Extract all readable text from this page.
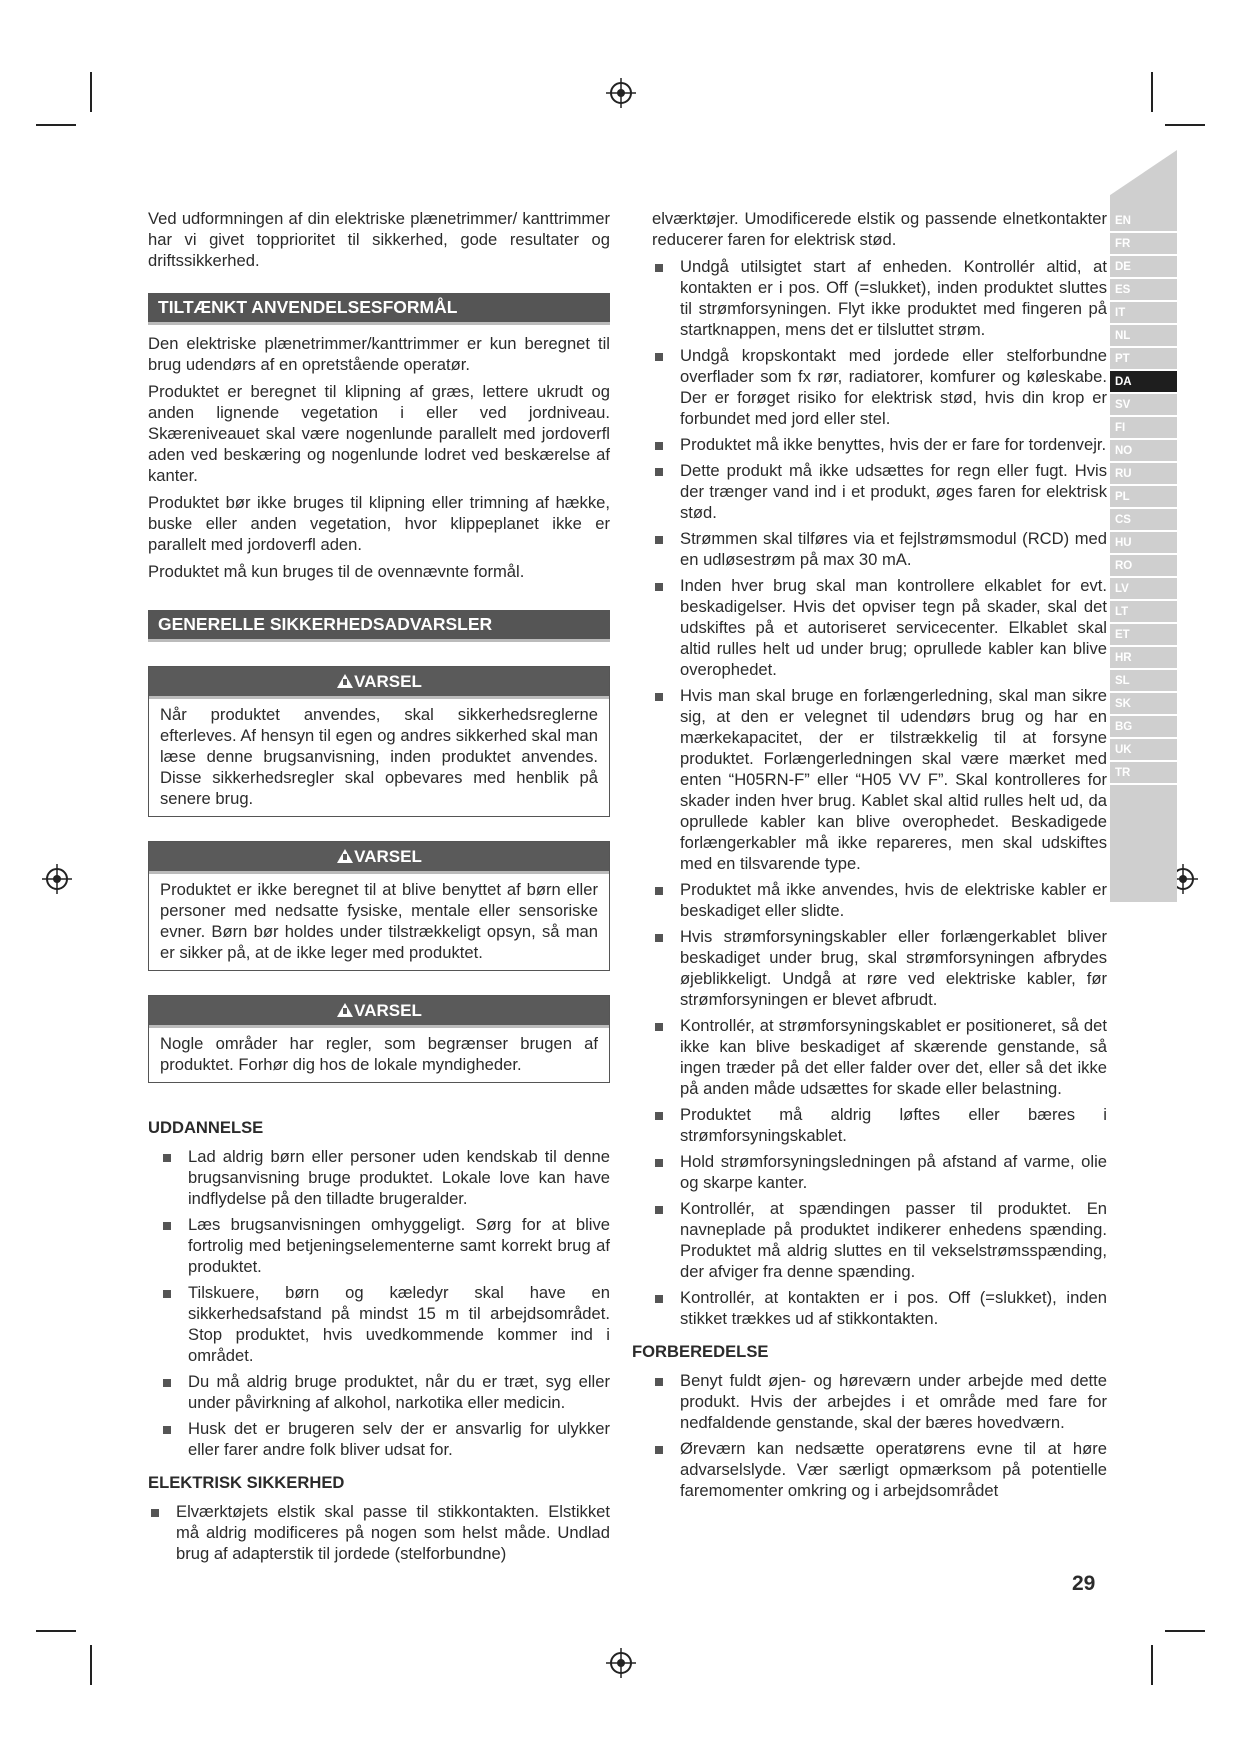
EN
FR
DE
ES
IT
NL
PT
DA
SV
FI
NO
RU
PL
CS
HU
RO
LV
LT
ET
HR
SL
SK
BG
UK
TR

Ved udformningen af din elektriske plænetrimmer/ kanttrimmer har vi givet topprioritet til sikkerhed, gode resultater og driftssikkerhed.

TILTÆNKT ANVENDELSESFORMÅL

Den elektriske plænetrimmer/kanttrimmer er kun beregnet til brug udendørs af en opretstående operatør.

Produktet er beregnet til klipning af græs, lettere ukrudt og anden lignende vegetation i eller ved jordniveau. Skæreniveauet skal være nogenlunde parallelt med jordoverfl aden ved beskæring og nogenlunde lodret ved beskærelse af kanter.

Produktet bør ikke bruges til klipning eller trimning af hække, buske eller anden vegetation, hvor klippeplanet ikke er parallelt med jordoverfl aden.

Produktet må kun bruges til de ovennævnte formål.

GENERELLE SIKKERHEDSADVARSLER
VARSEL

Når produktet anvendes, skal sikkerhedsreglerne efterleves. Af hensyn til egen og andres sikkerhed skal man læse denne brugsanvisning, inden produktet anvendes. Disse sikkerhedsregler skal opbevares med henblik på senere brug.

VARSEL

Produktet er ikke beregnet til at blive benyttet af børn eller personer med nedsatte fysiske, mentale eller sensoriske evner. Børn bør holdes under tilstrækkeligt opsyn, så man er sikker på, at de ikke leger med produktet.

VARSEL

Nogle områder har regler, som begrænser brugen af produktet. Forhør dig hos de lokale myndigheder.

UDDANNELSE
Lad aldrig børn eller personer uden kendskab til denne brugsanvisning bruge produktet. Lokale love kan have indflydelse på den tilladte brugeralder.
Læs brugsanvisningen omhyggeligt. Sørg for at blive fortrolig med betjeningselementerne samt korrekt brug af produktet.
Tilskuere, børn og kæledyr skal have en sikkerhedsafstand på mindst 15 m til arbejdsområdet. Stop produktet, hvis uvedkommende kommer ind i området.
Du må aldrig bruge produktet, når du er træt, syg eller under påvirkning af alkohol, narkotika eller medicin.
Husk det er brugeren selv der er ansvarlig for ulykker eller farer andre folk bliver udsat for.
ELEKTRISK SIKKERHED
Elværktøjets elstik skal passe til stikkontakten. Elstikket må aldrig modificeres på nogen som helst måde. Undlad brug af adapterstik til jordede (stelforbundne)

elværktøjer. Umodificerede elstik og passende elnetkontakter reducerer faren for elektrisk stød.

Undgå utilsigtet start af enheden. Kontrollér altid, at kontakten er i pos. Off (=slukket), inden produktet sluttes til strømforsyningen. Flyt ikke produktet med fingeren på startknappen, mens det er tilsluttet strøm.
Undgå kropskontakt med jordede eller stelforbundne overflader som fx rør, radiatorer, komfurer og køleskabe. Der er forøget risiko for elektrisk stød, hvis din krop er forbundet med jord eller stel.
Produktet må ikke benyttes, hvis der er fare for tordenvejr.
Dette produkt må ikke udsættes for regn eller fugt. Hvis der trænger vand ind i et produkt, øges faren for elektrisk stød.
Strømmen skal tilføres via et fejlstrømsmodul (RCD) med en udløsestrøm på max 30 mA.
Inden hver brug skal man kontrollere elkablet for evt. beskadigelser. Hvis det opviser tegn på skader, skal det udskiftes på et autoriseret servicecenter. Elkablet skal altid rulles helt ud under brug; oprullede kabler kan blive overophedet.
Hvis man skal bruge en forlængerledning, skal man sikre sig, at den er velegnet til udendørs brug og har en mærkekapacitet, der er tilstrækkelig til at forsyne produktet. Forlængerledningen skal være mærket med enten “H05RN-F” eller “H05 VV F”. Skal kontrolleres for skader inden hver brug. Kablet skal altid rulles helt ud, da oprullede kabler kan blive overophedet. Beskadigede forlængerkabler må ikke repareres, men skal udskiftes med en tilsvarende type.
Produktet må ikke anvendes, hvis de elektriske kabler er beskadiget eller slidte.
Hvis strømforsyningskabler eller forlængerkablet bliver beskadiget under brug, skal strømforsyningen afbrydes øjeblikkeligt. Undgå at røre ved elektriske kabler, før strømforsyningen er blevet afbrudt.
Kontrollér, at strømforsyningskablet er positioneret, så det ikke kan blive beskadiget af skærende genstande, så ingen træder på det eller falder over det, eller så det ikke på anden måde udsættes for skade eller belastning.
Produktet må aldrig løftes eller bæres i strømforsyningskablet.
Hold strømforsyningsledningen på afstand af varme, olie og skarpe kanter.
Kontrollér, at spændingen passer til produktet. En navneplade på produktet indikerer enhedens spænding. Produktet må aldrig sluttes en til vekselstrømsspænding, der afviger fra denne spænding.
Kontrollér, at kontakten er i pos. Off (=slukket), inden stikket trækkes ud af stikkontakten.
FORBEREDELSE
Benyt fuldt øjen- og høreværn under arbejde med dette produkt. Hvis der arbejdes i et område med fare for nedfaldende genstande, skal der bæres hovedværn.
Øreværn kan nedsætte operatørens evne til at høre advarselslyde. Vær særligt opmærksom på potentielle faremomenter omkring og i arbejdsområdet
29
